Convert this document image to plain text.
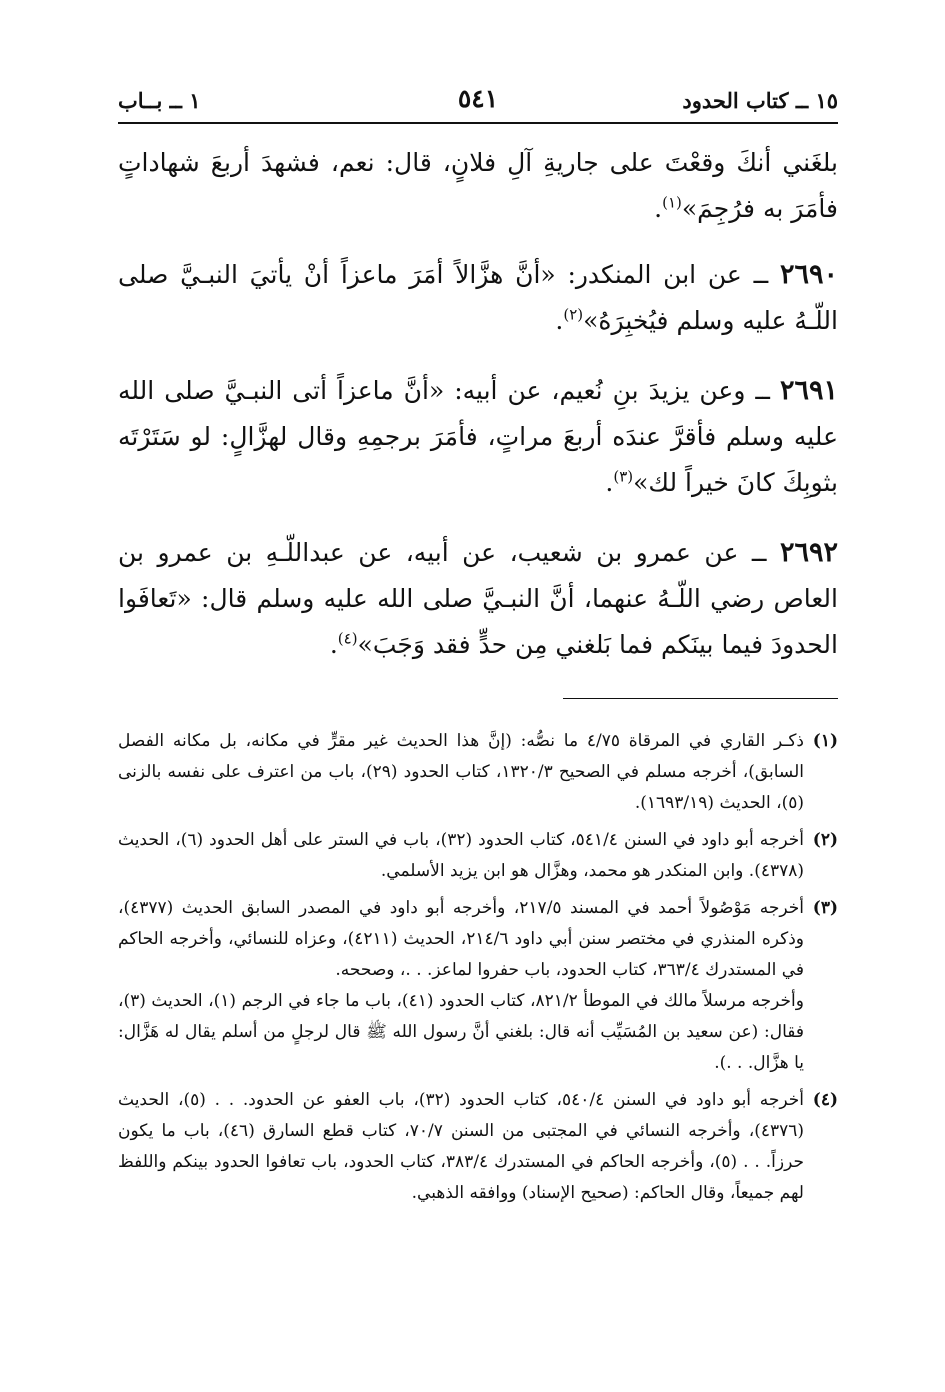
١٥ ــ كتاب الحدود
٥٤١
١ ــ بــاب

بلغَني أنكَ وقعْتَ على جاريةِ آلِ فلانٍ، قال: نعم، فشهدَ أربعَ شهاداتٍ فأمَرَ به فرُجِمَ»$^{(١)}$.

٢٦٩٠ ــ عن ابن المنكدر: «أنَّ هزَّالاً أمَرَ ماعزاً أنْ يأتيَ النبـيَّ صلى اللّـهُ عليه وسلم فيُخبِرَهُ»$^{(٢)}$.

٢٦٩١ ــ وعن يزيدَ بنِ نُعيم، عن أبيه: «أنَّ ماعزاً أتى النبـيَّ صلى الله عليه وسلم فأقرَّ عندَه أربعَ مراتٍ، فأمَرَ برجمِهِ وقال لهزَّالٍ: لو سَتَرْتَه بثوبِكَ كانَ خيراً لك»$^{(٣)}$.

٢٦٩٢ ــ عن عمرو بن شعيب، عن أبيه، عن عبداللّـهِ بن عمرو بن العاص رضي اللّـهُ عنهما، أنَّ النبـيَّ صلى الله عليه وسلم قال: «تَعافَوا الحدودَ فيما بينَكم فما بَلغني مِن حدٍّ فقد وَجَبَ»$^{(٤)}$.

(١)

ذكـر القاري في المرقاة ٤/٧٥ ما نصُّه: (إنَّ هذا الحديث غير مقرٍّ في مكانه، بل مكانه الفصل السابق)، أخرجه مسلم في الصحيح ١٣٢٠/٣، كتاب الحدود (٢٩)، باب من اعترف على نفسه بالزنى (٥)، الحديث (١٦٩٣/١٩).

(٢)

أخرجه أبو داود في السنن ٥٤١/٤، كتاب الحدود (٣٢)، باب في الستر على أهل الحدود (٦)، الحديث (٤٣٧٨). وابن المنكدر هو محمد، وهزَّال هو ابن يزيد الأسلمي.

(٣)

أخرجه مَوْصُولاً أحمد في المسند ٢١٧/٥، وأخرجه أبو داود في المصدر السابق الحديث (٤٣٧٧)، وذكره المنذري في مختصر سنن أبي داود ٢١٤/٦، الحديث (٤٢١١)، وعزاه للنسائي، وأخرجه الحاكم في المستدرك ٣٦٣/٤، كتاب الحدود، باب حفروا لماعز. . .، وصححه.

وأخرجه مرسلاً مالك في الموطأ ٨٢١/٢، كتاب الحدود (٤١)، باب ما جاء في الرجم (١)، الحديث (٣)، فقال: (عن سعيد بن المُسَيِّب أنه قال: بلغني أنَّ رسول الله ﷺ قال لرجلٍ من أسلم يقال له هَزَّال: يا هزَّال. . .).

(٤)

أخرجه أبو داود في السنن ٥٤٠/٤، كتاب الحدود (٣٢)، باب العفو عن الحدود. . . (٥)، الحديث (٤٣٧٦)، وأخرجه النسائي في المجتبى من السنن ٧٠/٧، كتاب قطع السارق (٤٦)، باب ما يكون حرزاً. . . (٥)، وأخرجه الحاكم في المستدرك ٣٨٣/٤، كتاب الحدود، باب تعافوا الحدود بينكم واللفظ لهم جميعاً، وقال الحاكم: (صحيح الإسناد) ووافقه الذهبي.
